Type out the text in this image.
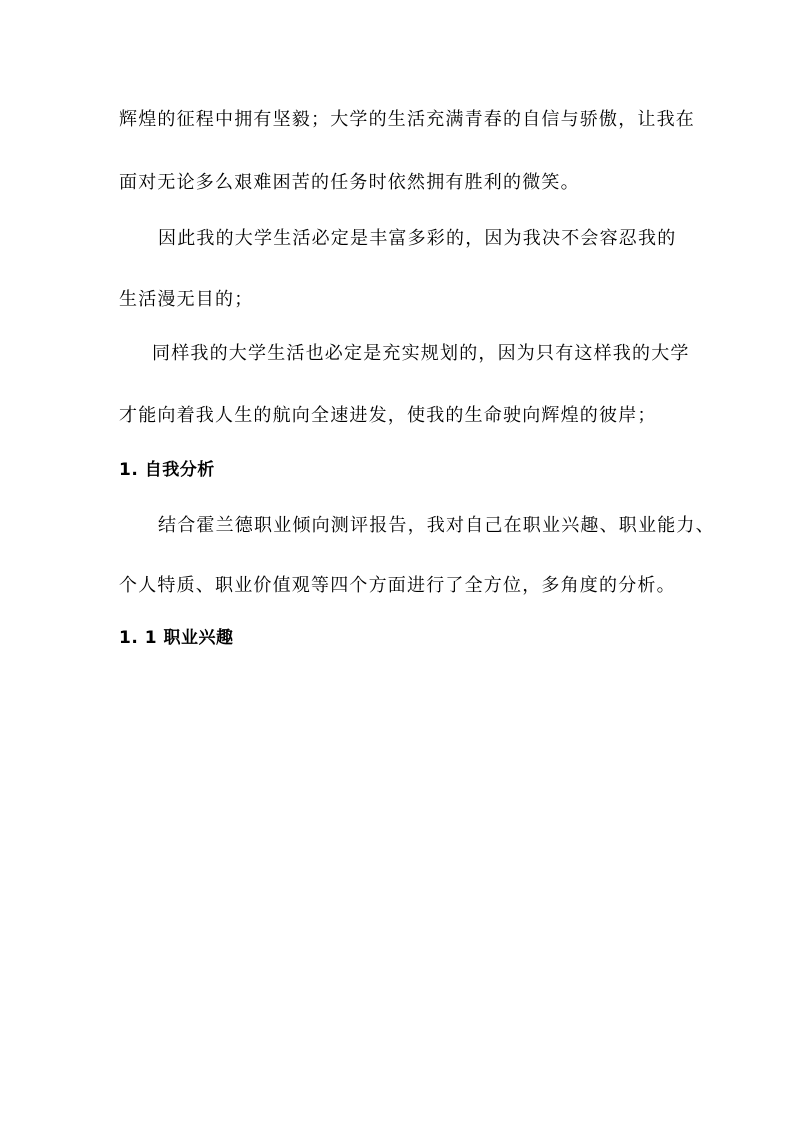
辉煌的征程中拥有坚毅；大学的生活充满青春的自信与骄傲，让我在
面对无论多么艰难困苦的任务时依然拥有胜利的微笑。
因此我的大学生活必定是丰富多彩的，因为我决不会容忍我的
生活漫无目的；
同样我的大学生活也必定是充实规划的，因为只有这样我的大学
才能向着我人生的航向全速进发，使我的生命驶向辉煌的彼岸；
1. 自我分析
结合霍兰德职业倾向测评报告，我对自己在职业兴趣、职业能力、
个人特质、职业价值观等四个方面进行了全方位，多角度的分析。
1. 1 职业兴趣
